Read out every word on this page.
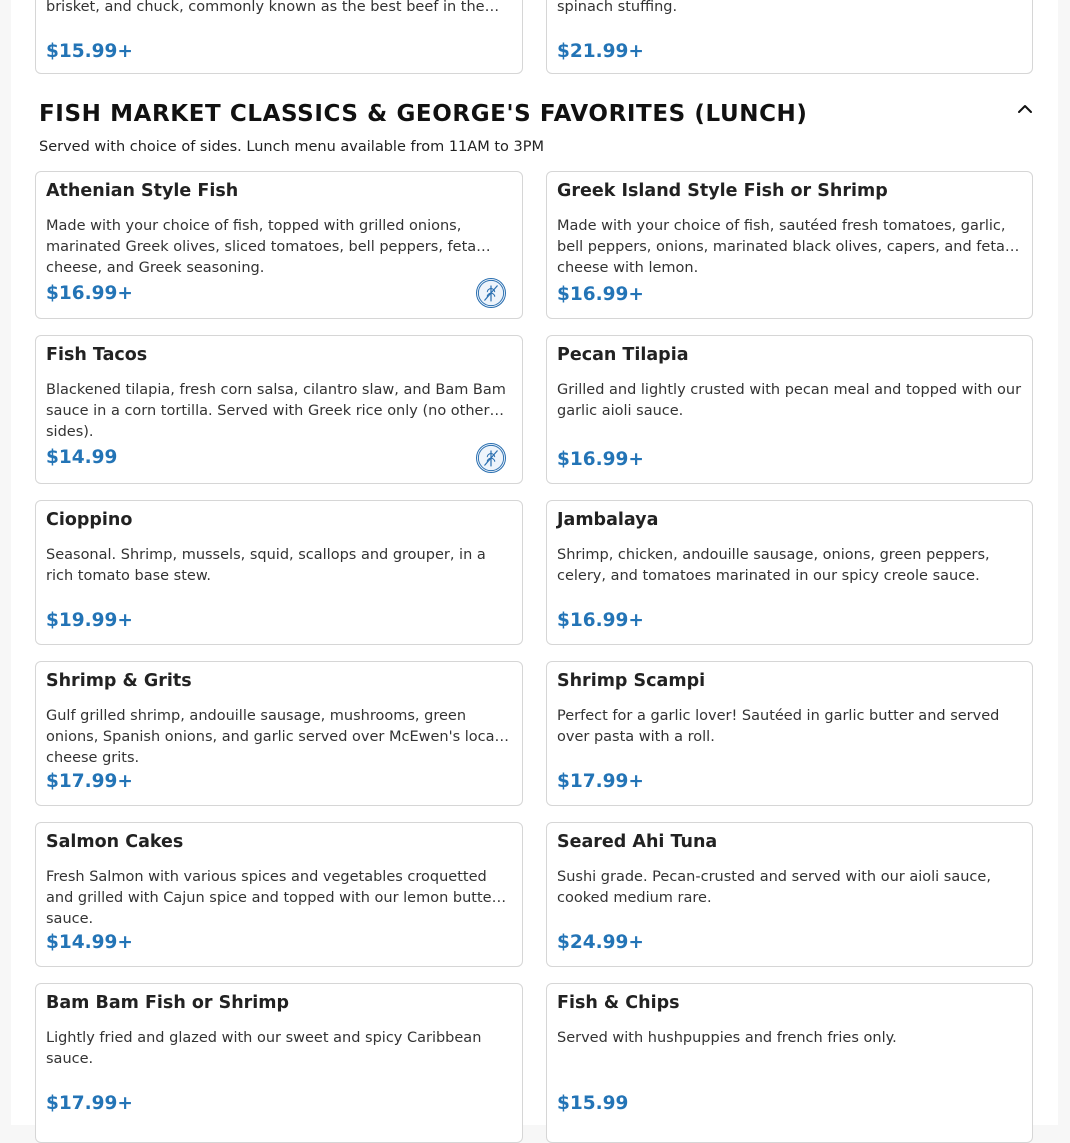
brisket, and chuck, commonly known as the best beef in the…
$15.99+
spinach stuffing.
$21.99+
FISH MARKET CLASSICS & GEORGE'S FAVORITES (LUNCH)
Served with choice of sides. Lunch menu available from 11AM to 3PM
Athenian Style Fish
Made with your choice of fish, topped with grilled onions, marinated Greek olives, sliced tomatoes, bell peppers, feta cheese, and Greek seasoning.
$16.99+
Greek Island Style Fish or Shrimp
Made with your choice of fish, sautéed fresh tomatoes, garlic, bell peppers, onions, marinated black olives, capers, and feta cheese with lemon.
$16.99+
Fish Tacos
Blackened tilapia, fresh corn salsa, cilantro slaw, and Bam Bam sauce in a corn tortilla. Served with Greek rice only (no other sides).
$14.99
Pecan Tilapia
Grilled and lightly crusted with pecan meal and topped with our garlic aioli sauce.
$16.99+
Cioppino
Seasonal. Shrimp, mussels, squid, scallops and grouper, in a rich tomato base stew.
$19.99+
Jambalaya
Shrimp, chicken, andouille sausage, onions, green peppers, celery, and tomatoes marinated in our spicy creole sauce.
$16.99+
Shrimp & Grits
Gulf grilled shrimp, andouille sausage, mushrooms, green onions, Spanish onions, and garlic served over McEwen's local cheese grits.
$17.99+
Shrimp Scampi
Perfect for a garlic lover! Sautéed in garlic butter and served over pasta with a roll.
$17.99+
Salmon Cakes
Fresh Salmon with various spices and vegetables croquetted and grilled with Cajun spice and topped with our lemon butter sauce.
$14.99+
Seared Ahi Tuna
Sushi grade. Pecan-crusted and served with our aioli sauce, cooked medium rare.
$24.99+
Bam Bam Fish or Shrimp
Lightly fried and glazed with our sweet and spicy Caribbean sauce.
$17.99+
Fish & Chips
Served with hushpuppies and french fries only.
$15.99
